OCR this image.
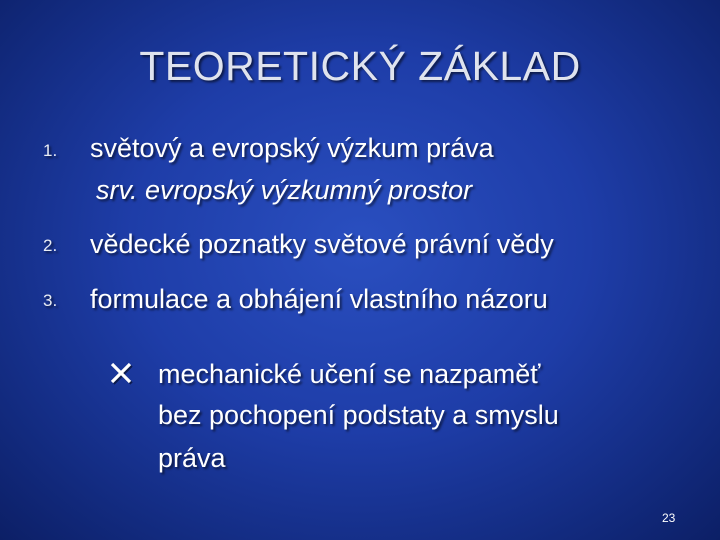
TEORETICKÝ ZÁKLAD
1. světový a evropský výzkum práva
srv. evropský výzkumný prostor
2. vědecké poznatky světové právní vědy
3. formulace a obhájení vlastního názoru
mechanické učení se nazpaměť
bez pochopení podstaty a smyslu
práva
23
